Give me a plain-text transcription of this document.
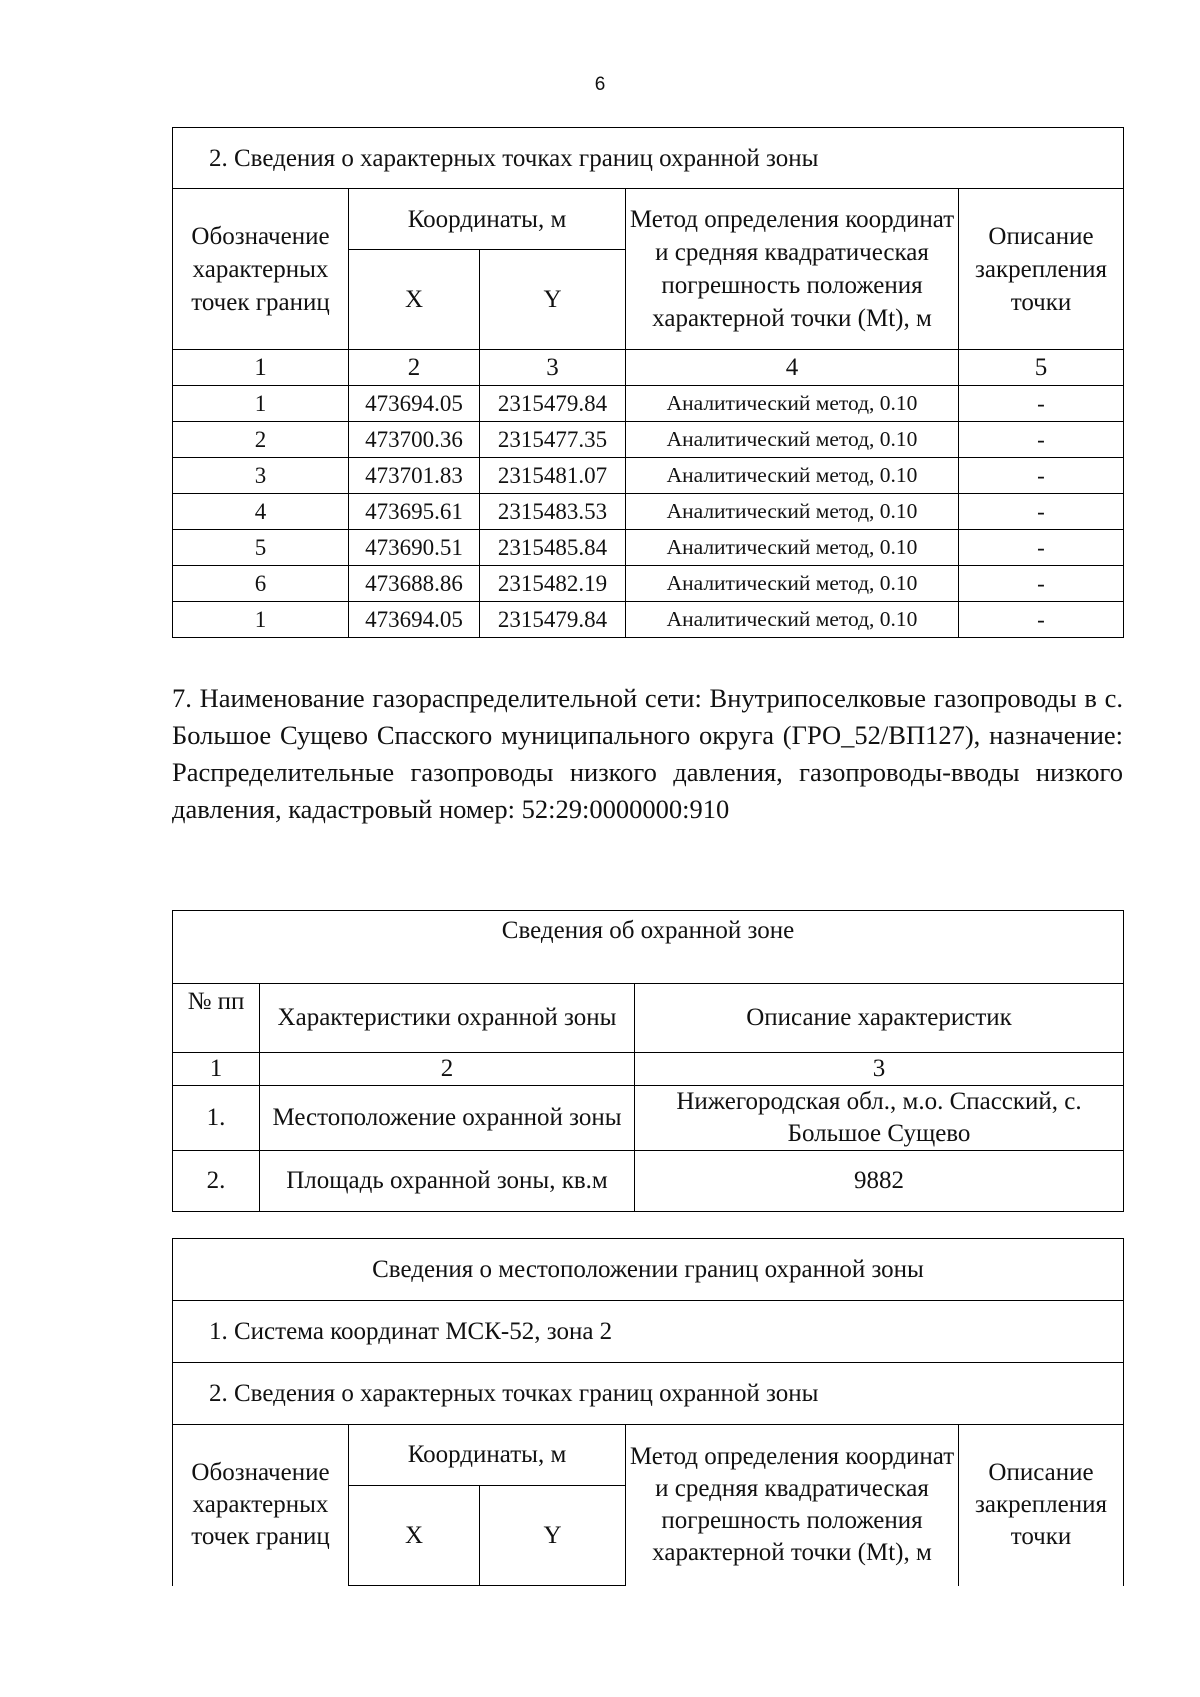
6
2. Сведения о характерных точках границ охранной зоны				
Обозначение характерных точек границ	Координаты, м		Метод определения координат и средняя квадратическая погрешность положения характерной точки (Mt), м	Описание закрепления точки
	X	Y		
1	2	3	4	5
1	473694.05	2315479.84	Аналитический метод, 0.10	-
2	473700.36	2315477.35	Аналитический метод, 0.10	-
3	473701.83	2315481.07	Аналитический метод, 0.10	-
4	473695.61	2315483.53	Аналитический метод, 0.10	-
5	473690.51	2315485.84	Аналитический метод, 0.10	-
6	473688.86	2315482.19	Аналитический метод, 0.10	-
1	473694.05	2315479.84	Аналитический метод, 0.10	-

7. Наименование газораспределительной сети: Внутрипоселковые газопроводы в с. Большое Сущево Спасского муниципального округа (ГРО_52/ВП127), назначение: Распределительные газопроводы низкого давления, газопроводы-вводы низкого давления, кадастровый номер: 52:29:0000000:910

Сведения об охранной зоне		
№ пп	Характеристики охранной зоны	Описание характеристик
1	2	3
1.	Местоположение охранной зоны	Нижегородская обл., м.о. Спасский, с. Большое Сущево
2.	Площадь охранной зоны, кв.м	9882
Сведения о местоположении границ охранной зоны				
1. Система координат МСК-52, зона 2				
2. Сведения о характерных точках границ охранной зоны				
Обозначение характерных точек границ	Координаты, м		Метод определения координат и средняя квадратическая погрешность положения характерной точки (Mt), м	Описание закрепления точки
	X	Y		
